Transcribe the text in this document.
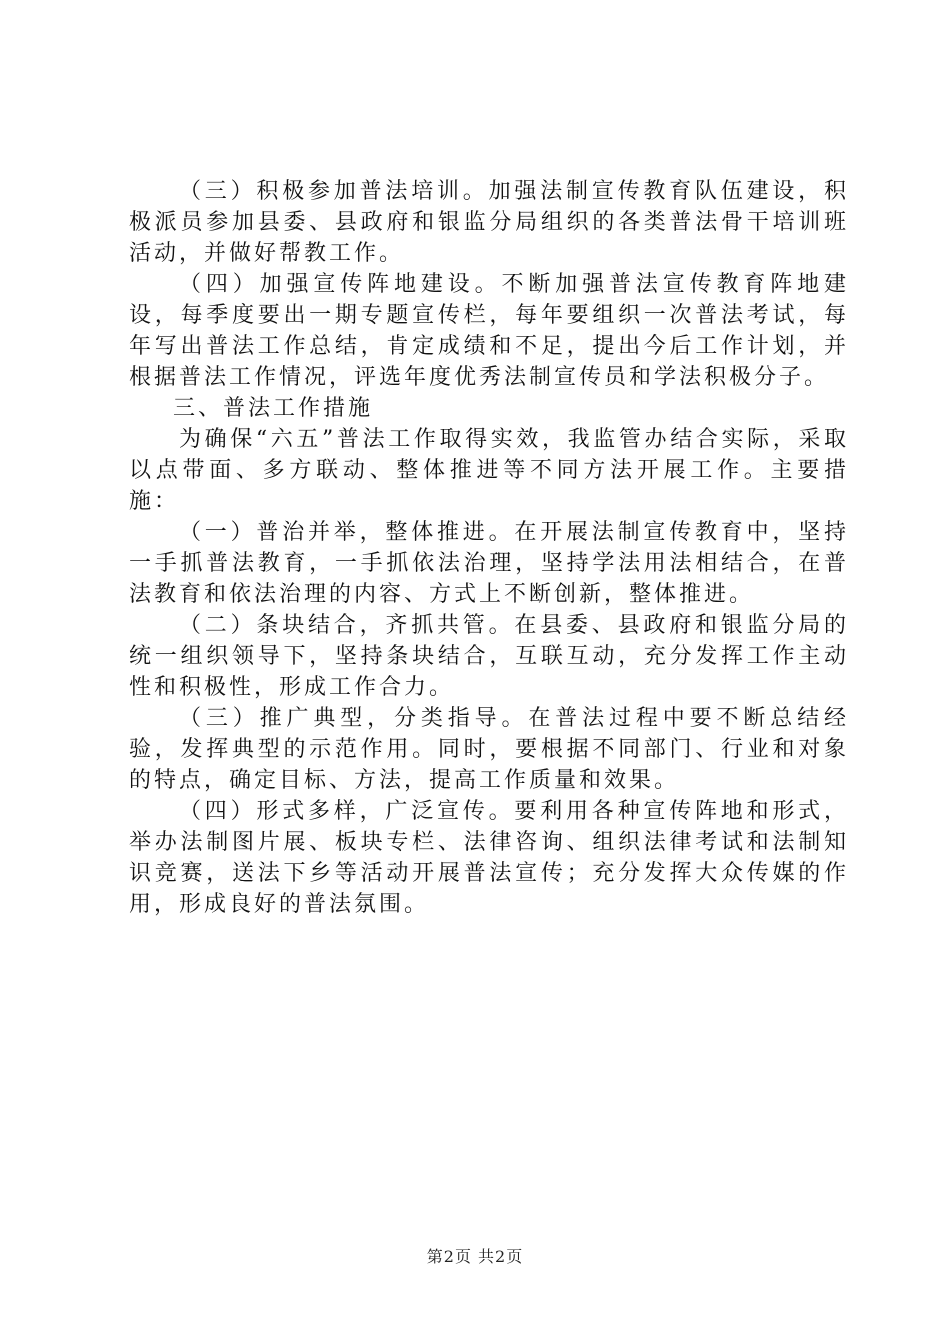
（三）积极参加普法培训。加强法制宣传教育队伍建设，积极派员参加县委、县政府和银监分局组织的各类普法骨干培训班活动，并做好帮教工作。

（四）加强宣传阵地建设。不断加强普法宣传教育阵地建设，每季度要出一期专题宣传栏，每年要组织一次普法考试，每年写出普法工作总结，肯定成绩和不足，提出今后工作计划，并根据普法工作情况，评选年度优秀法制宣传员和学法积极分子。

三、普法工作措施

为确保“六五”普法工作取得实效，我监管办结合实际，采取以点带面、多方联动、整体推进等不同方法开展工作。主要措施：

（一）普治并举，整体推进。在开展法制宣传教育中，坚持一手抓普法教育，一手抓依法治理，坚持学法用法相结合，在普法教育和依法治理的内容、方式上不断创新，整体推进。

（二）条块结合，齐抓共管。在县委、县政府和银监分局的统一组织领导下，坚持条块结合，互联互动，充分发挥工作主动性和积极性，形成工作合力。

（三）推广典型，分类指导。在普法过程中要不断总结经验，发挥典型的示范作用。同时，要根据不同部门、行业和对象的特点，确定目标、方法，提高工作质量和效果。

（四）形式多样，广泛宣传。要利用各种宣传阵地和形式，举办法制图片展、板块专栏、法律咨询、组织法律考试和法制知识竞赛，送法下乡等活动开展普法宣传；充分发挥大众传媒的作用，形成良好的普法氛围。

第2页 共2页
